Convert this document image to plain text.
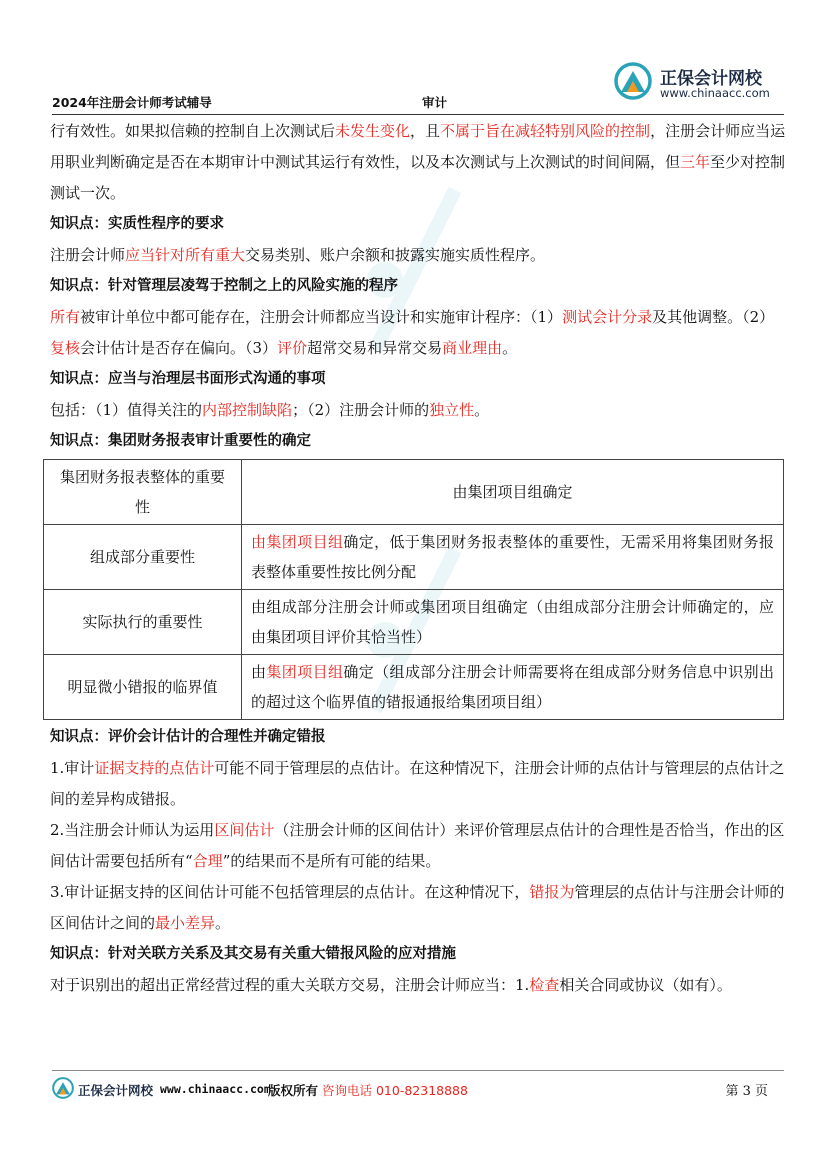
2024年注册会计师考试辅导	审计
正保会计网校
www.chinaacc.com

行有效性。如果拟信赖的控制自上次测试后未发生变化，且不属于旨在减轻特别风险的控制，注册会计师应当运用职业判断确定是否在本期审计中测试其运行有效性，以及本次测试与上次测试的时间间隔，但三年至少对控制测试一次。

知识点：实质性程序的要求

注册会计师应当针对所有重大交易类别、账户余额和披露实施实质性程序。

知识点：针对管理层凌驾于控制之上的风险实施的程序

所有被审计单位中都可能存在，注册会计师都应当设计和实施审计程序：（1）测试会计分录及其他调整。（2）复核会计估计是否存在偏向。（3）评价超常交易和异常交易商业理由。

知识点：应当与治理层书面形式沟通的事项

包括：（1）值得关注的内部控制缺陷；（2）注册会计师的独立性。

知识点：集团财务报表审计重要性的确定

集团财务报表整体的重要性	由集团项目组确定
组成部分重要性	由集团项目组确定，低于集团财务报表整体的重要性，无需采用将集团财务报表整体重要性按比例分配
实际执行的重要性	由组成部分注册会计师或集团项目组确定（由组成部分注册会计师确定的，应由集团项目评价其恰当性）
明显微小错报的临界值	由集团项目组确定（组成部分注册会计师需要将在组成部分财务信息中识别出的超过这个临界值的错报通报给集团项目组）

知识点：评价会计估计的合理性并确定错报

1.审计证据支持的点估计可能不同于管理层的点估计。在这种情况下，注册会计师的点估计与管理层的点估计之间的差异构成错报。

2.当注册会计师认为运用区间估计（注册会计师的区间估计）来评价管理层点估计的合理性是否恰当，作出的区间估计需要包括所有“合理”的结果而不是所有可能的结果。

3.审计证据支持的区间估计可能不包括管理层的点估计。在这种情况下，错报为管理层的点估计与注册会计师的区间估计之间的最小差异。

知识点：针对关联方关系及其交易有关重大错报风险的应对措施

对于识别出的超出正常经营过程的重大关联方交易，注册会计师应当：1.检查相关合同或协议（如有）。

正保会计网校 www.chinaacc.com
版权所有 咨询电话 010-82318888	第 3 页
